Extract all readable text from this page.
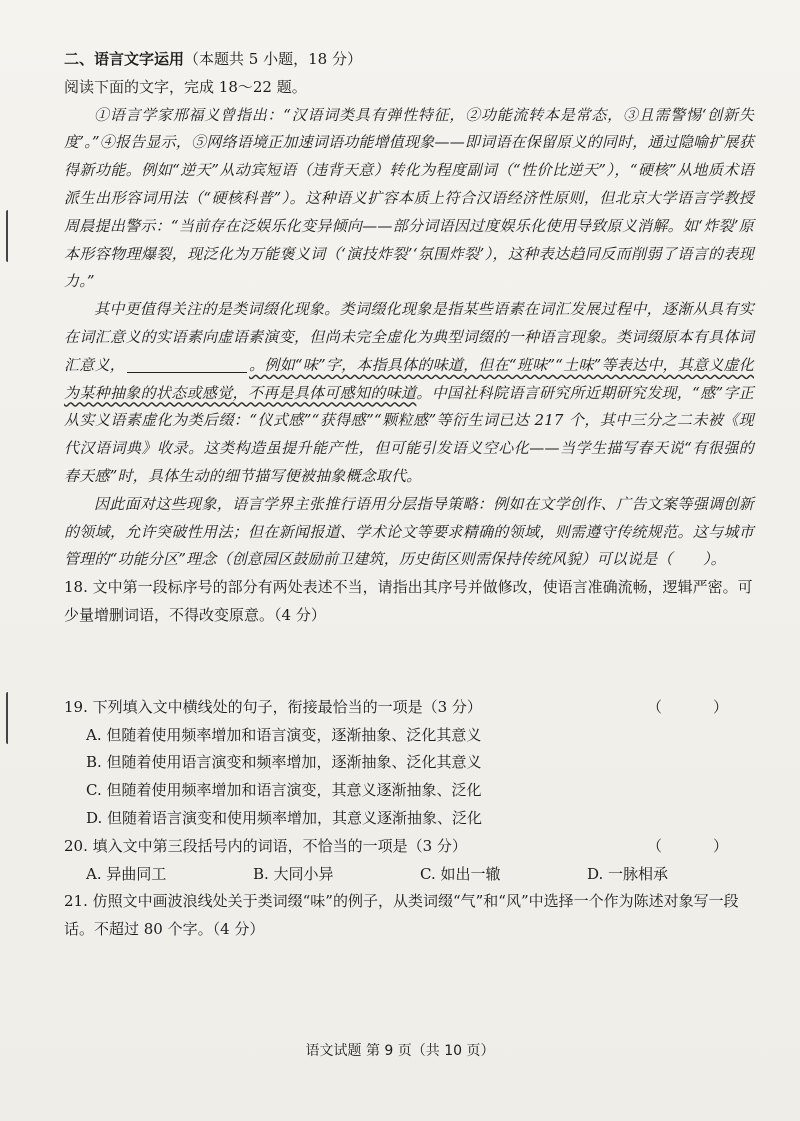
二、语言文字运用（本题共 5 小题，18 分）

阅读下面的文字，完成 18～22 题。

①语言学家邢福义曾指出：“汉语词类具有弹性特征，②功能流转本是常态，③且需警惕‘创新失度’。”④报告显示，⑤网络语境正加速词语功能增值现象——即词语在保留原义的同时，通过隐喻扩展获得新功能。例如“逆天”从动宾短语（违背天意）转化为程度副词（“性价比逆天”），“硬核”从地质术语派生出形容词用法（“硬核科普”）。这种语义扩容本质上符合汉语经济性原则，但北京大学语言学教授周晨提出警示：“当前存在泛娱乐化变异倾向——部分词语因过度娱乐化使用导致原义消解。如‘炸裂’原本形容物理爆裂，现泛化为万能褒义词（‘演技炸裂’‘氛围炸裂’），这种表达趋同反而削弱了语言的表现力。”

其中更值得关注的是类词缀化现象。类词缀化现象是指某些语素在词汇发展过程中，逐渐从具有实在词汇意义的实语素向虚语素演变，但尚未完全虚化为典型词缀的一种语言现象。类词缀原本有具体词汇意义，	。例如“味”字，本指具体的味道，但在“班味”“土味”等表达中，其意义虚化为某种抽象的状态或感觉，不再是具体可感知的味道。中国社科院语言研究所近期研究发现，“感”字正从实义语素虚化为类后缀：“仪式感”“获得感”“颗粒感”等衍生词已达 217 个，其中三分之二未被《现代汉语词典》收录。这类构造虽提升能产性，但可能引发语义空心化——当学生描写春天说“有很强的春天感”时，具体生动的细节描写便被抽象概念取代。

因此面对这些现象，语言学界主张推行语用分层指导策略：例如在文学创作、广告文案等强调创新的领域，允许突破性用法；但在新闻报道、学术论文等要求精确的领域，则需遵守传统规范。这与城市管理的“功能分区”理念（创意园区鼓励前卫建筑，历史街区则需保持传统风貌）可以说是（　　）。

18. 文中第一段标序号的部分有两处表述不当，请指出其序号并做修改，使语言准确流畅，逻辑严密。可少量增删词语，不得改变原意。（4 分）

19. 下列填入文中横线处的句子，衔接最恰当的一项是（3 分）	（　）

A. 但随着使用频率增加和语言演变，逐渐抽象、泛化其意义

B. 但随着使用语言演变和频率增加，逐渐抽象、泛化其意义

C. 但随着使用频率增加和语言演变，其意义逐渐抽象、泛化

D. 但随着语言演变和使用频率增加，其意义逐渐抽象、泛化

20. 填入文中第三段括号内的词语，不恰当的一项是（3 分）	（　）
A. 异曲同工	B. 大同小异	C. 如出一辙	D. 一脉相承

21. 仿照文中画波浪线处关于类词缀“味”的例子，从类词缀“气”和“风”中选择一个作为陈述对象写一段话。不超过 80 个字。（4 分）

语文试题 第 9 页（共 10 页）
